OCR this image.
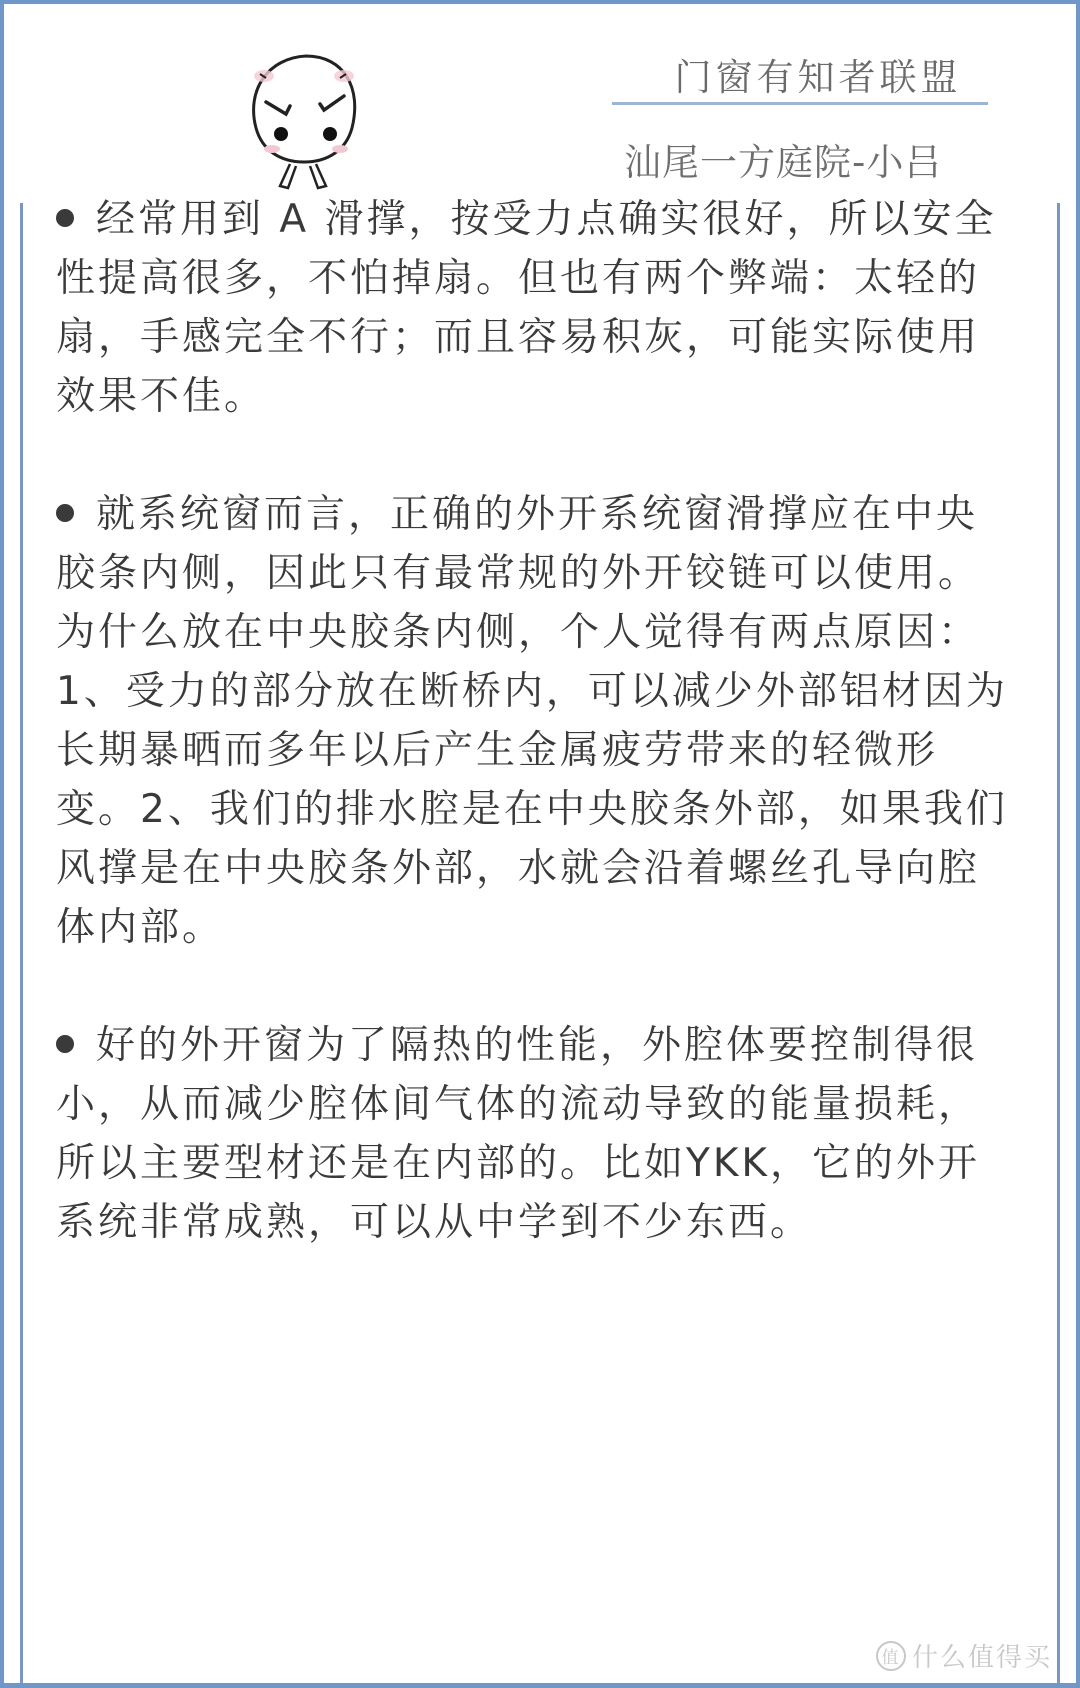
门窗有知者联盟
汕尾一方庭院-小吕

经常用到 A 滑撑，按受力点确实很好，所以安全性提高很多，不怕掉扇。但也有两个弊端：太轻的扇，手感完全不行；而且容易积灰，可能实际使用效果不佳。

就系统窗而言，正确的外开系统窗滑撑应在中央胶条内侧，因此只有最常规的外开铰链可以使用。为什么放在中央胶条内侧，个人觉得有两点原因：1、受力的部分放在断桥内，可以减少外部铝材因为长期暴晒而多年以后产生金属疲劳带来的轻微形变。2、我们的排水腔是在中央胶条外部，如果我们风撑是在中央胶条外部，水就会沿着螺丝孔导向腔体内部。

好的外开窗为了隔热的性能，外腔体要控制得很小，从而减少腔体间气体的流动导致的能量损耗，所以主要型材还是在内部的。比如YKK，它的外开系统非常成熟，可以从中学到不少东西。

值 什么值得买
